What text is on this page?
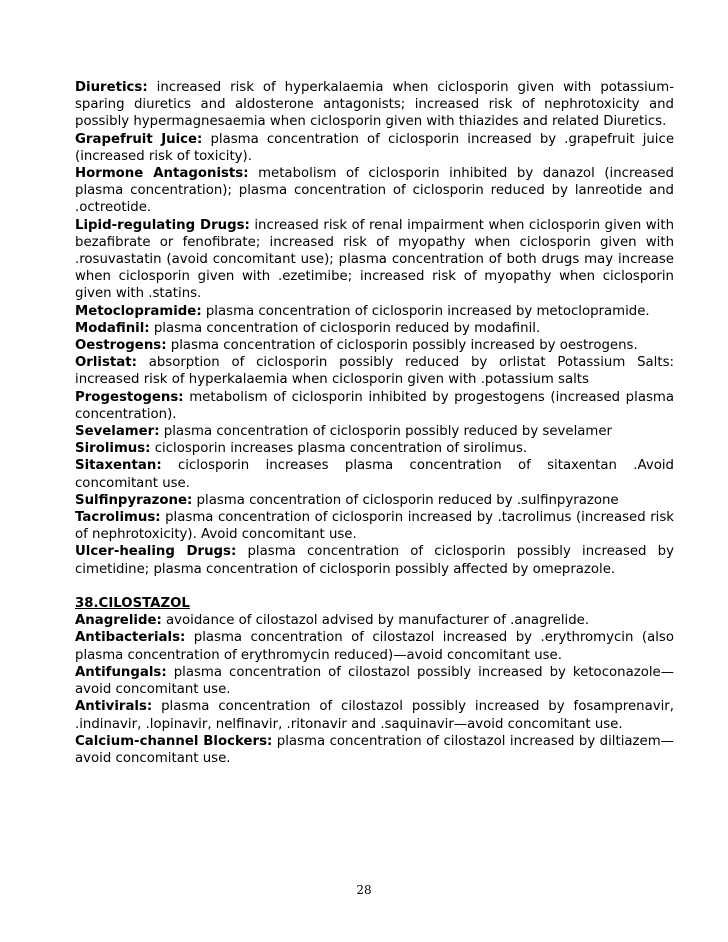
Diuretics: increased risk of hyperkalaemia when ciclosporin given with potassium-sparing diuretics and aldosterone antagonists; increased risk of nephrotoxicity and possibly hypermagnesaemia when ciclosporin given with thiazides and related Diuretics.

Grapefruit Juice: plasma concentration of ciclosporin increased by .grapefruit juice (increased risk of toxicity).

Hormone Antagonists: metabolism of ciclosporin inhibited by danazol (increased plasma concentration); plasma concentration of ciclosporin reduced by lanreotide and .octreotide.

Lipid-regulating Drugs: increased risk of renal impairment when ciclosporin given with bezafibrate or fenofibrate; increased risk of myopathy when ciclosporin given with .rosuvastatin (avoid concomitant use); plasma concentration of both drugs may increase when ciclosporin given with .ezetimibe; increased risk of myopathy when ciclosporin given with .statins.

Metoclopramide: plasma concentration of ciclosporin increased by metoclopramide.

Modafinil: plasma concentration of ciclosporin reduced by modafinil.

Oestrogens: plasma concentration of ciclosporin possibly increased by oestrogens.

Orlistat: absorption of ciclosporin possibly reduced by orlistat Potassium Salts: increased risk of hyperkalaemia when ciclosporin given with .potassium salts

Progestogens: metabolism of ciclosporin inhibited by progestogens (increased plasma concentration).

Sevelamer: plasma concentration of ciclosporin possibly reduced by sevelamer

Sirolimus: ciclosporin increases plasma concentration of sirolimus.

Sitaxentan: ciclosporin increases plasma concentration of sitaxentan .Avoid concomitant use.

Sulfinpyrazone: plasma concentration of ciclosporin reduced by .sulfinpyrazone

Tacrolimus: plasma concentration of ciclosporin increased by .tacrolimus (increased risk of nephrotoxicity). Avoid concomitant use.

Ulcer-healing Drugs: plasma concentration of ciclosporin possibly increased by cimetidine; plasma concentration of ciclosporin possibly affected by omeprazole.

38.CILOSTAZOL

Anagrelide: avoidance of cilostazol advised by manufacturer of .anagrelide.

Antibacterials: plasma concentration of cilostazol increased by .erythromycin (also plasma concentration of erythromycin reduced)—avoid concomitant use.

Antifungals: plasma concentration of cilostazol possibly increased by ketoconazole—avoid concomitant use.

Antivirals: plasma concentration of cilostazol possibly increased by fosamprenavir, .indinavir, .lopinavir, nelfinavir, .ritonavir and .saquinavir—avoid concomitant use.

Calcium-channel Blockers: plasma concentration of cilostazol increased by diltiazem—avoid concomitant use.

28
